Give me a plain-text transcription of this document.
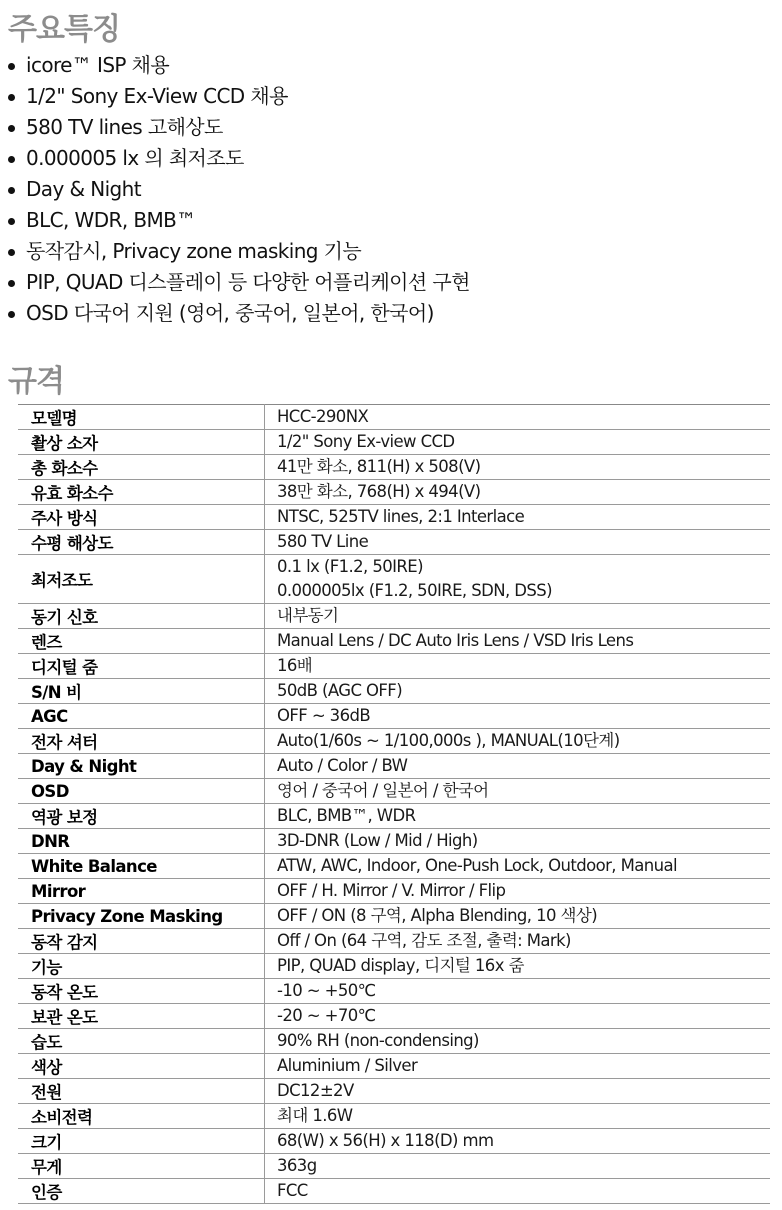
주요특징
icore™ ISP 채용
1/2" Sony Ex-View CCD 채용
580 TV lines 고해상도
0.000005 lx 의 최저조도
Day & Night
BLC, WDR, BMB™
동작감시, Privacy zone masking 기능
PIP, QUAD 디스플레이 등 다양한 어플리케이션 구현
OSD 다국어 지원 (영어, 중국어, 일본어, 한국어)
규격
모델명	HCC-290NX

촬상 소자	1/2" Sony Ex-view CCD

총 화소수	41만 화소, 811(H) x 508(V)

유효 화소수	38만 화소, 768(H) x 494(V)

주사 방식	NTSC, 525TV lines, 2:1 Interlace

수평 해상도	580 TV Line

최저조도	0.1 lx (F1.2, 50IRE)
0.000005lx (F1.2, 50IRE, SDN, DSS)

동기 신호	내부동기

렌즈	Manual Lens / DC Auto Iris Lens / VSD Iris Lens

디지털 줌	16배

S/N 비	50dB (AGC OFF)

AGC	OFF ~ 36dB

전자 셔터	Auto(1/60s ~ 1/100,000s ), MANUAL(10단계)

Day & Night	Auto / Color / BW

OSD	영어 / 중국어 / 일본어 / 한국어

역광 보정	BLC, BMB™, WDR

DNR	3D-DNR (Low / Mid / High)

White Balance	ATW, AWC, Indoor, One-Push Lock, Outdoor, Manual

Mirror	OFF / H. Mirror / V. Mirror / Flip

Privacy Zone Masking	OFF / ON (8 구역, Alpha Blending, 10 색상)

동작 감지	Off / On (64 구역, 감도 조절, 출력: Mark)

기능	PIP, QUAD display, 디지털 16x 줌

동작 온도	-10 ~ +50℃

보관 온도	-20 ~ +70℃

습도	90% RH (non-condensing)

색상	Aluminium / Silver

전원	DC12±2V

소비전력	최대 1.6W

크기	68(W) x 56(H) x 118(D) mm

무게	363g

인증	FCC
